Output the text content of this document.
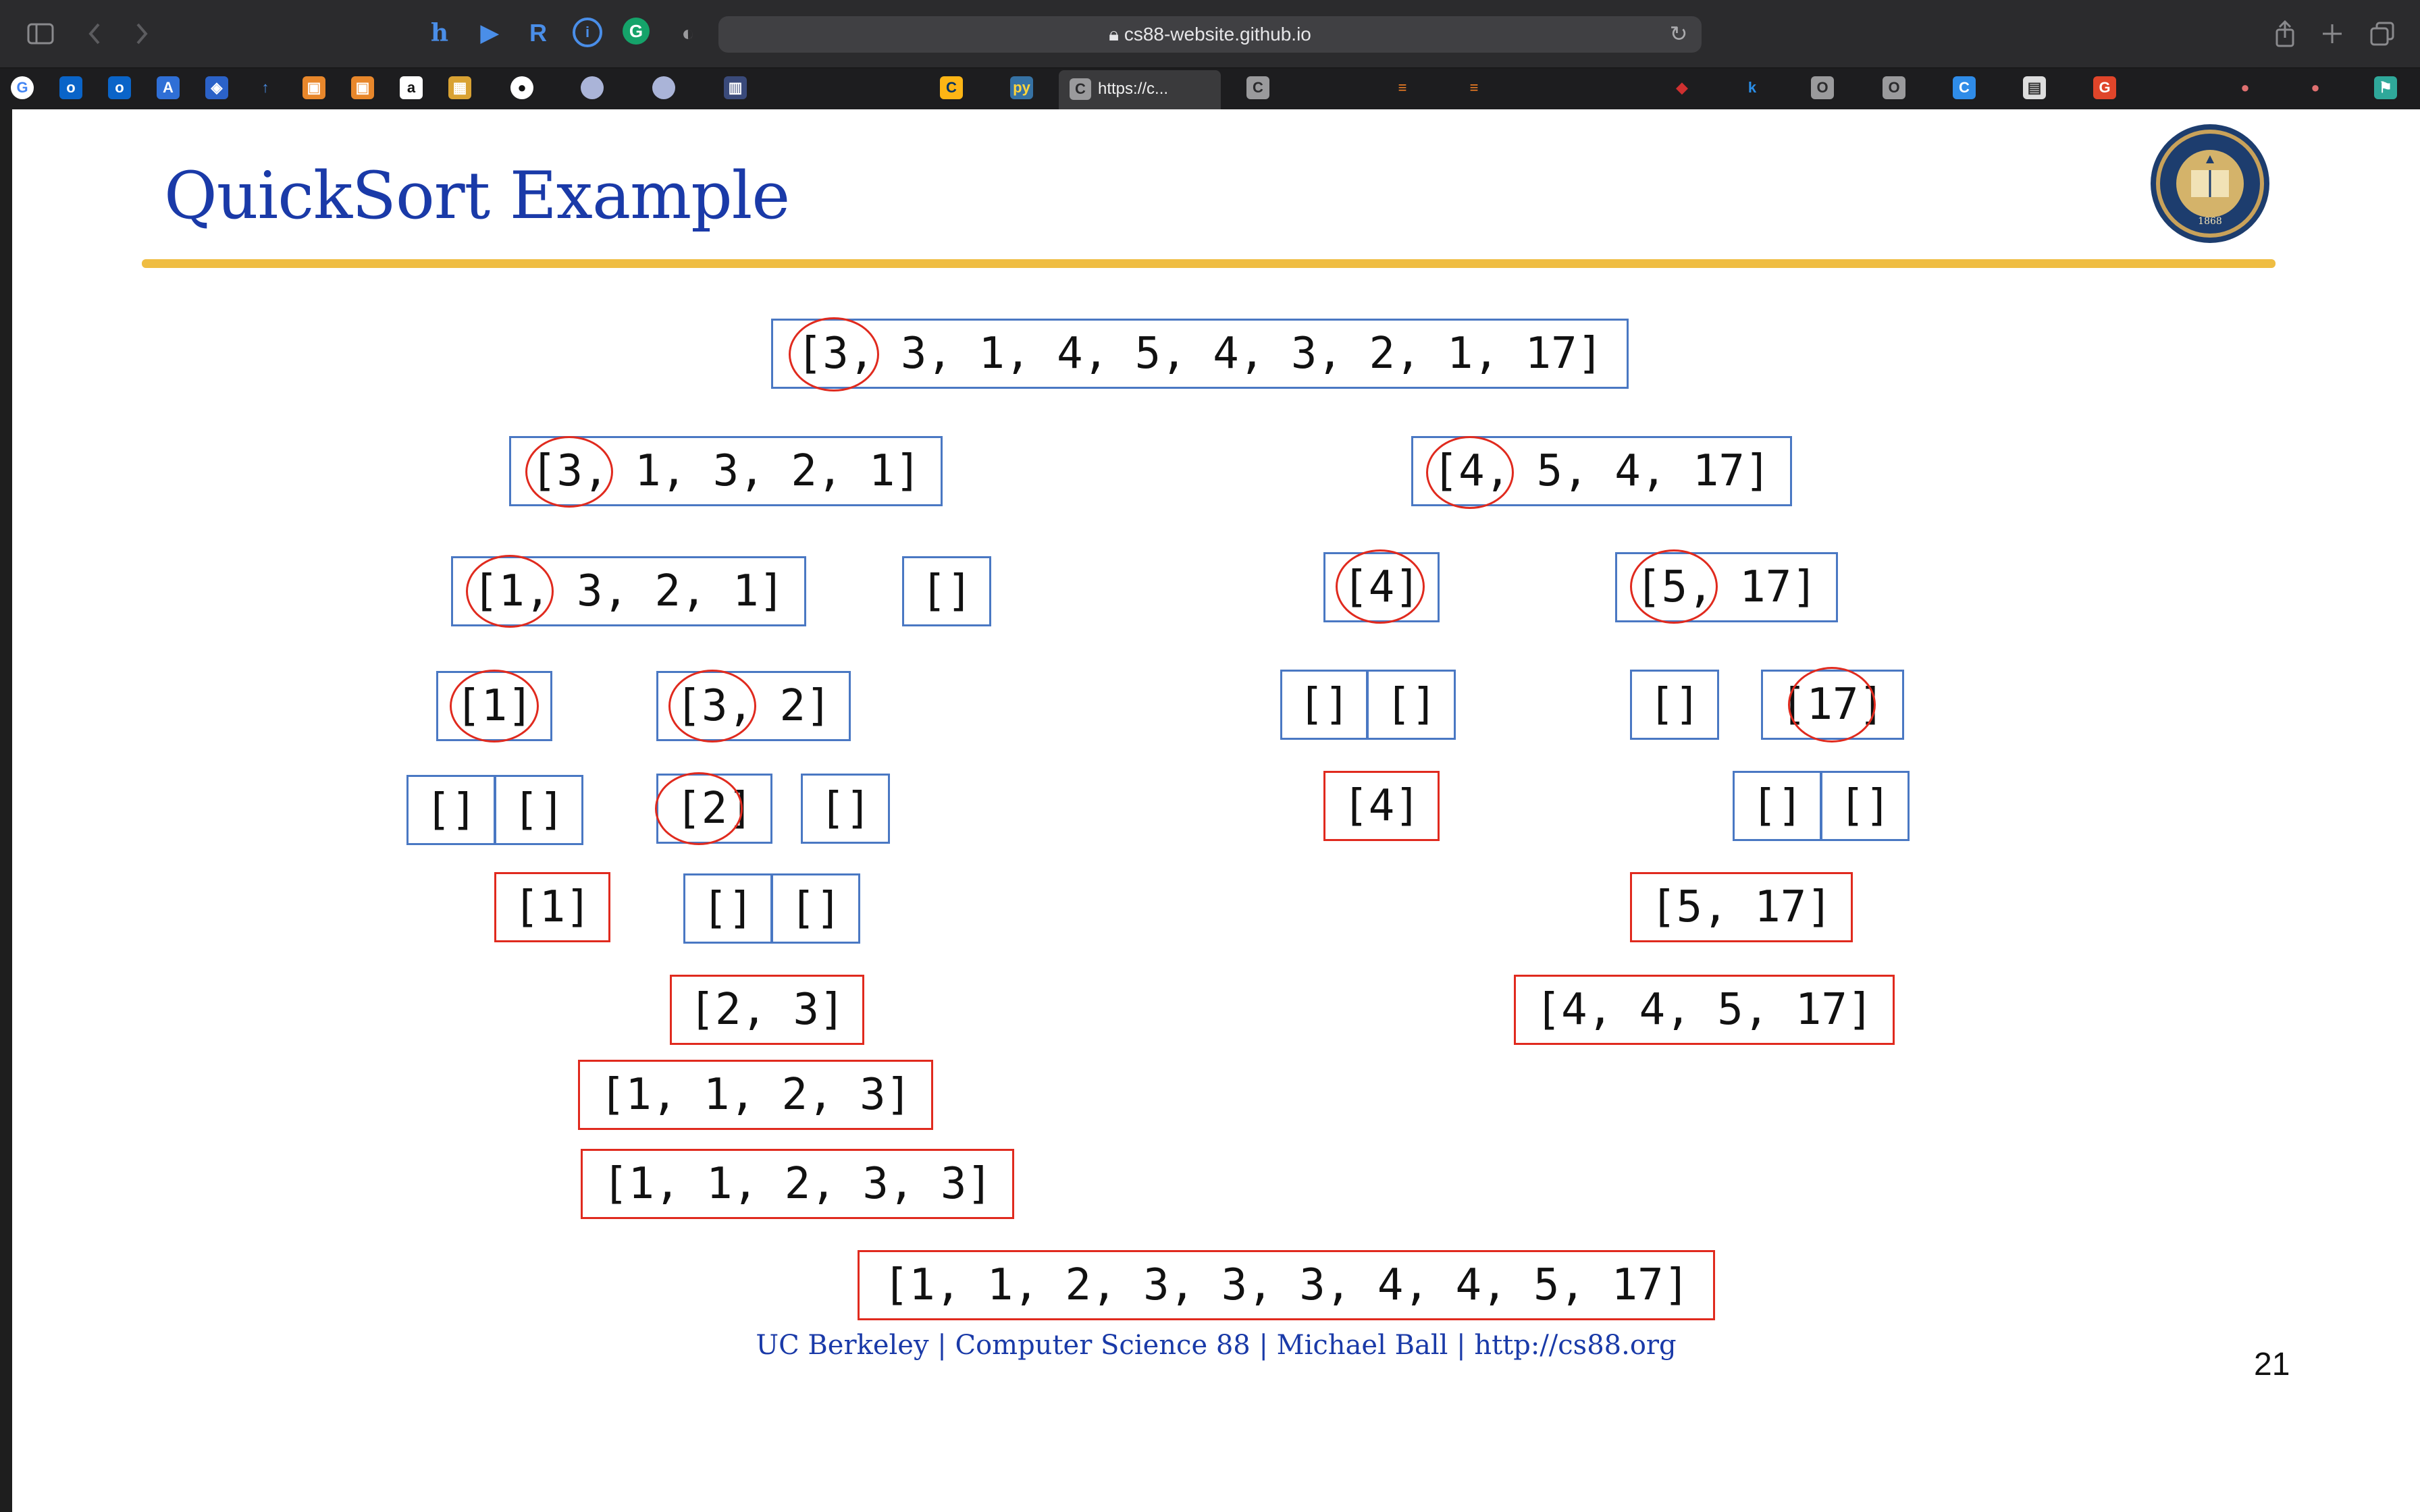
h ▶ R	i	G	◐	🔒︎ cs88-website.github.io	↻
G	o	o	A	◈	↑	▣	▣	a	▦	●	▥	C	py	C	≡	≡	◆	k	O	O	C	▤	G	●	●	⚑
C https://c...
QuickSort Example	1868
[3, 3, 1, 4, 5, 4, 3, 2, 1, 17]
[3, 1, 3, 2, 1]	[4, 5, 4, 17]
[1, 3, 2, 1]	[]	[4]	[5, 17]
[1]	[3, 2]	[] []	[]	[17]
[] []	[2]	[]	[4]	[] []
[1]	[] []	[5, 17]
[2, 3]	[4, 4, 5, 17]
[1, 1, 2, 3]
[1, 1, 2, 3, 3]
[1, 1, 2, 3, 3, 3, 4, 4, 5, 17]
UC Berkeley | Computer Science 88 | Michael Ball | http://cs88.org
21
